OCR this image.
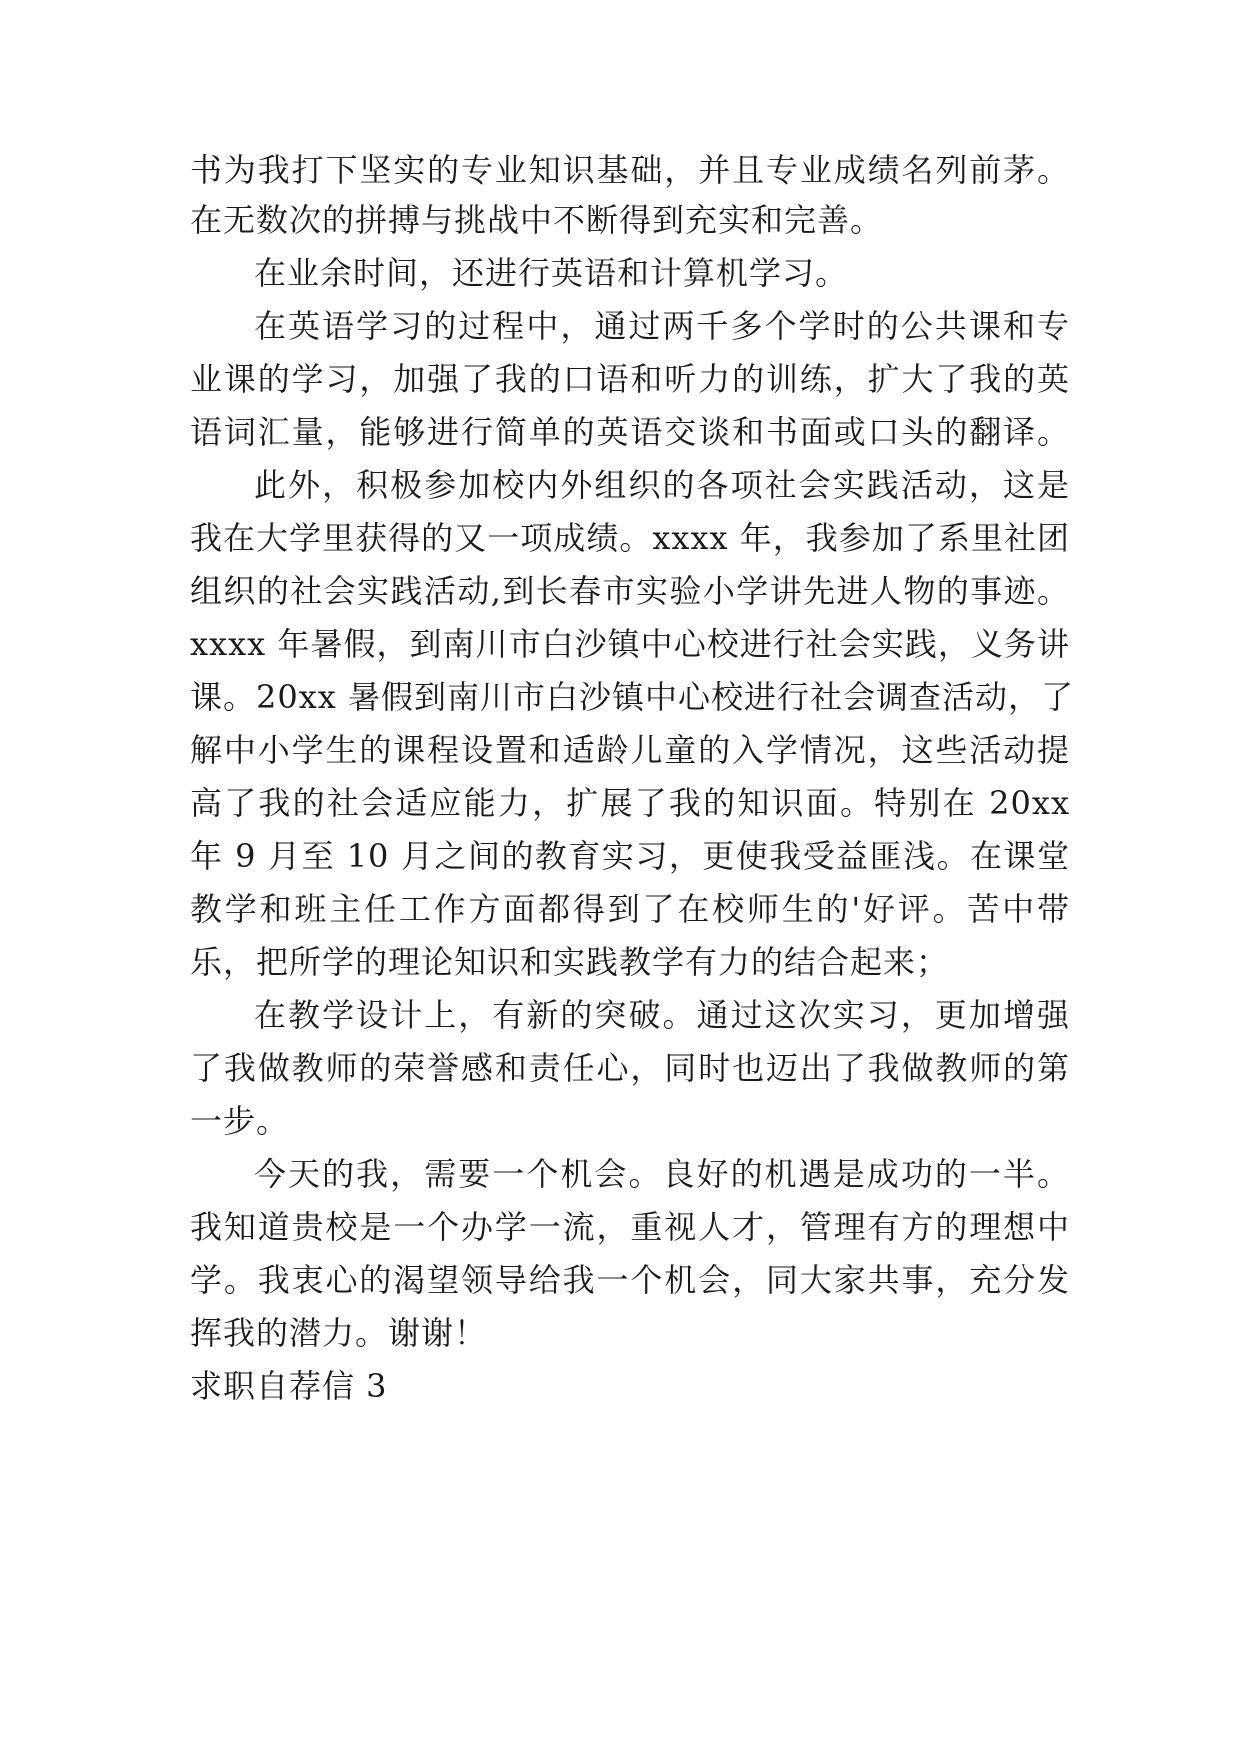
书为我打下坚实的专业知识基础，并且专业成绩名列前茅。
在无数次的拼搏与挑战中不断得到充实和完善。
在业余时间，还进行英语和计算机学习。
在英语学习的过程中，通过两千多个学时的公共课和专
业课的学习，加强了我的口语和听力的训练，扩大了我的英
语词汇量，能够进行简单的英语交谈和书面或口头的翻译。
此外，积极参加校内外组织的各项社会实践活动，这是
我在大学里获得的又一项成绩。xxxx 年，我参加了系里社团
组织的社会实践活动,到长春市实验小学讲先进人物的事迹。
xxxx 年暑假，到南川市白沙镇中心校进行社会实践，义务讲
课。20xx 暑假到南川市白沙镇中心校进行社会调查活动，了
解中小学生的课程设置和适龄儿童的入学情况，这些活动提
高了我的社会适应能力，扩展了我的知识面。特别在 20xx
年 9 月至 10 月之间的教育实习，更使我受益匪浅。在课堂
教学和班主任工作方面都得到了在校师生的'好评。苦中带
乐，把所学的理论知识和实践教学有力的结合起来；
在教学设计上，有新的突破。通过这次实习，更加增强
了我做教师的荣誉感和责任心，同时也迈出了我做教师的第
一步。
今天的我，需要一个机会。良好的机遇是成功的一半。
我知道贵校是一个办学一流，重视人才，管理有方的理想中
学。我衷心的渴望领导给我一个机会，同大家共事，充分发
挥我的潜力。谢谢！
求职自荐信 3
